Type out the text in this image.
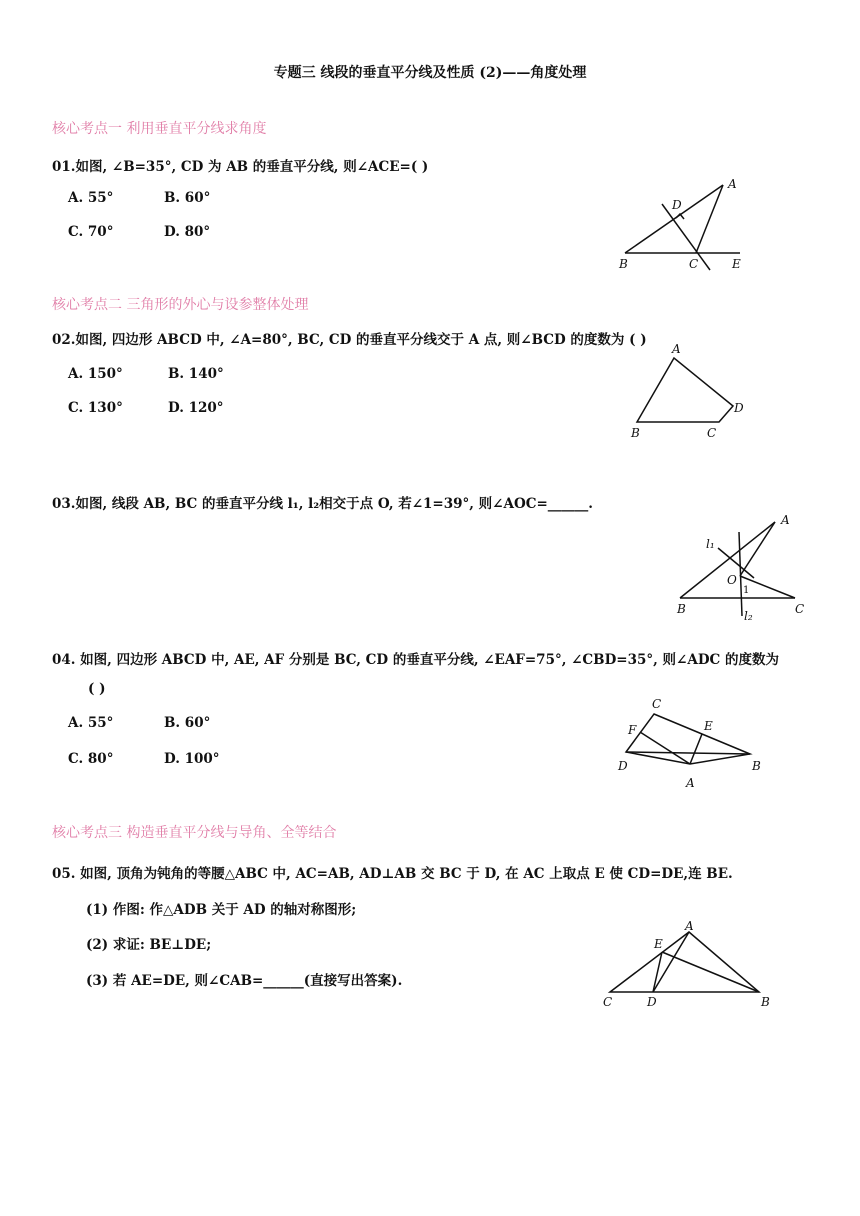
专题三 线段的垂直平分线及性质 (2)——角度处理
核心考点一 利用垂直平分线求角度
01.如图, ∠B=35°, CD 为 AB 的垂直平分线, 则∠ACE=( )
A. 55°	B. 60°
C. 70°	D. 80°
A
B	C
D
E
核心考点二 三角形的外心与设参整体处理
02.如图, 四边形 ABCD 中, ∠A=80°, BC, CD 的垂直平分线交于 A 点, 则∠BCD 的度数为 ( )
A. 150°	B. 140°
C. 130°	D. 120°
A
B	C
D
03.如图, 线段 AB, BC 的垂直平分线 l₁, l₂相交于点 O, 若∠1=39°, 则∠AOC=______.
A
B	C
O
l₁
l₂
1
04. 如图, 四边形 ABCD 中, AE, AF 分别是 BC, CD 的垂直平分线, ∠EAF=75°, ∠CBD=35°, 则∠ADC 的度数为
( )
A. 55°	B. 60°
C. 80°	D. 100°
C
E
F
D	B
A
核心考点三 构造垂直平分线与导角、全等结合
05. 如图, 顶角为钝角的等腰△ABC 中, AC=AB, AD⊥AB 交 BC 于 D, 在 AC 上取点 E 使 CD=DE,连 BE.
(1) 作图: 作△ADB 关于 AD 的轴对称图形;
(2) 求证: BE⊥DE;
(3) 若 AE=DE, 则∠CAB=______(直接写出答案).
A
E
C	D	B
